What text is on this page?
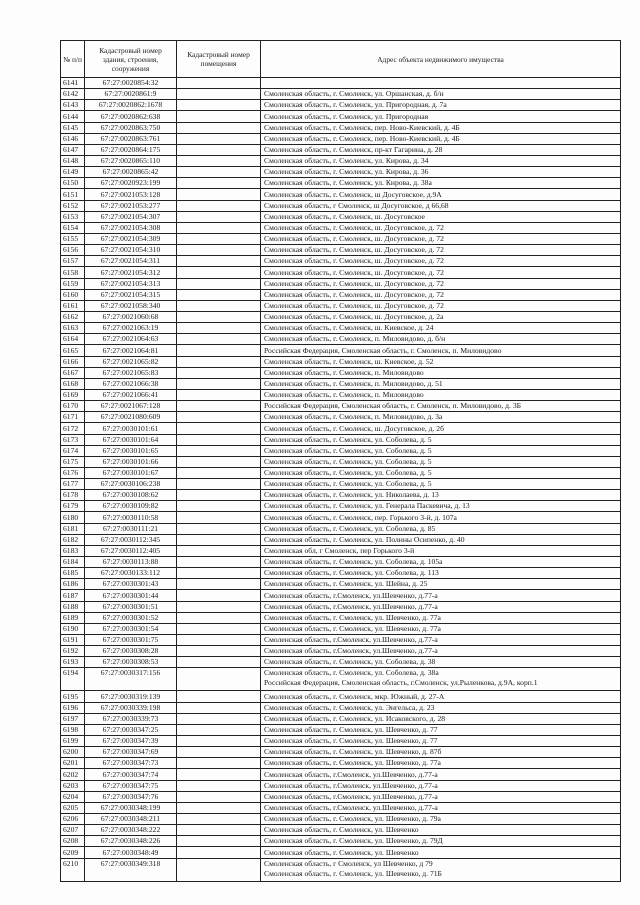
№ п/п	Кадастровый номер здания, строения, сооружения	Кадастровый номер помещения	Адрес объекта недвижимого имущества
6141	67:27:0020854:32		

6142	67:27:0020861:9		Смоленская область, г. Смоленск, ул. Оршанская, д. б/н

6143	67:27:0020862:1678		Смоленская область, г. Смоленск, ул. Пригородная, д. 7а

6144	67:27:0020862:638		Смоленская область, г. Смоленск, ул. Пригородная

6145	67:27:0020863:750		Смоленская область, г. Смоленск, пер. Ново-Киевский, д. 4Б

6146	67:27:0020863:761		Смоленская область, г. Смоленск, пер. Ново-Киевский, д. 4Б

6147	67:27:0020864:175		Смоленская область, г. Смоленск, пр-кт Гагарина, д. 28

6148	67:27:0020865:110		Смоленская область, г. Смоленск, ул. Кирова, д. 34

6149	67:27:0020865:42		Смоленская область, г. Смоленск, ул. Кирова, д. 36

6150	67:27:0020923:199		Смоленская область, г. Смоленск, ул. Кирова, д. 38а

6151	67:27:0021053:128		Смоленская область, г. Смоленск, ш Досуговское, д.9А

6152	67:27:0021053:277		Смоленская область, г Смоленск, ш Досуговское, д 66,68

6153	67:27:0021054:307		Смоленская область, г. Смоленск, ш. Досуговское

6154	67:27:0021054:308		Смоленская область, г. Смоленск, ш. Досуговское, д. 72

6155	67:27:0021054:309		Смоленская область, г. Смоленск, ш. Досуговское, д. 72

6156	67:27:0021054:310		Смоленская область, г. Смоленск, ш. Досуговское, д. 72

6157	67:27:0021054:311		Смоленская область, г. Смоленск, ш. Досуговское, д. 72

6158	67:27:0021054:312		Смоленская область, г. Смоленск, ш. Досуговское, д. 72

6159	67:27:0021054:313		Смоленская область, г. Смоленск, ш. Досуговское, д. 72

6160	67:27:0021054:315		Смоленская область, г. Смоленск, ш. Досуговское, д. 72

6161	67:27:0021058:340		Смоленская область, г. Смоленск, ш. Досуговское, д. 72

6162	67:27:0021060:68		Смоленская область, г. Смоленск, ш. Досуговское, д. 2а

6163	67:27:0021063:19		Смоленская область, г. Смоленск, ш. Киевское, д. 24

6164	67:27:0021064:63		Смоленская область, г. Смоленск, п. Миловидово, д. б/н

6165	67:27:0021064:81		Российская Федерация, Смоленская область, г. Смоленск, п. Миловидово

6166	67:27:0021065:82		Смоленская область, г. Смоленск, ш. Киевское, д. 52

6167	67:27:0021065:83		Смоленская область, г. Смоленск, п. Миловидово

6168	67:27:0021066:38		Смоленская область, г. Смоленск, п. Миловидово, д. 51

6169	67:27:0021066:41		Смоленская область, г. Смоленск, п. Миловидово

6170	67:27:0021067:128		Российская Федерация, Смоленская область, г. Смоленск, п. Миловидово, д. 3Б

6171	67:27:0021080:609		Смоленская область, г. Смоленск, п. Миловидово, д. 3а

6172	67:27:0030101:61		Смоленская область, г. Смоленск, ш. Досуговское, д. 2б

6173	67:27:0030101:64		Смоленская область, г. Смоленск, ул. Соболева, д. 5

6174	67:27:0030101:65		Смоленская область, г. Смоленск, ул. Соболева, д. 5

6175	67:27:0030101:66		Смоленская область, г. Смоленск, ул. Соболева, д. 5

6176	67:27:0030101:67		Смоленская область, г. Смоленск, ул. Соболева, д. 5

6177	67:27:0030106:238		Смоленская область, г. Смоленск, ул. Соболева, д. 5

6178	67:27:0030108:62		Смоленская область, г. Смоленск, ул. Николаева, д. 13

6179	67:27:0030109:82		Смоленская область, г. Смоленск, ул. Генерала Паскевича, д. 13

6180	67:27:0030110:58		Смоленская область, г. Смоленск, пер. Горького 3-й, д. 107а

6181	67:27:0030111:21		Смоленская область, г. Смоленск, ул. Соболева, д. 85

6182	67:27:0030112:345		Смоленская область, г. Смоленск, ул. Полины Осипенко, д. 40

6183	67:27:0030112:405		Смоленская обл, г Смоленск, пер Горького 3-й

6184	67:27:0030113:88		Смоленская область, г. Смоленск, ул. Соболева, д. 105а

6185	67:27:0030133:112		Смоленская область, г. Смоленск, ул. Соболева, д. 113

6186	67:27:0030301:43		Смоленская область, г. Смоленск, ул. Шейна, д. 25

6187	67:27:0030301:44		Смоленская область, г.Смоленск, ул.Шевченко, д.77-а

6188	67:27:0030301:51		Смоленская область, г.Смоленск, ул.Шевченко, д.77-а

6189	67:27:0030301:52		Смоленская область, г. Смоленск, ул. Шевченко, д. 77а

6190	67:27:0030301:54		Смоленская область, г. Смоленск, ул. Шевченко, д. 77а

6191	67:27:0030301:75		Смоленская область, г.Смоленск, ул.Шевченко, д.77-а

6192	67:27:0030308:28		Смоленская область, г.Смоленск, ул.Шевченко, д.77-а

6193	67:27:0030308:53		Смоленская область, г. Смоленск, ул. Соболева, д. 38

6194	67:27:0030317:156		Смоленская область, г. Смоленск, ул. Соболева, д. 38а
Российская Федерация, Смоленская область, г.Смоленск, ул.Рыленкова, д.9А, корп.1

6195	67:27:0030319:139		Смоленская область, г. Смоленск, мкр. Южный, д. 27-А

6196	67:27:0030339:198		Смоленская область, г. Смоленск, ул. Энгельса, д. 23

6197	67:27:0030339:73		Смоленская область, г. Смоленск, ул. Исаковского, д. 28

6198	67:27:0030347:25		Смоленская область, г. Смоленск, ул. Шевченко, д. 77

6199	67:27:0030347:39		Смоленская область, г. Смоленск, ул. Шевченко, д. 77

6200	67:27:0030347:69		Смоленская область, г. Смоленск, ул. Шевченко, д. 87б

6201	67:27:0030347:73		Смоленская область, г. Смоленск, ул. Шевченко, д. 77а

6202	67:27:0030347:74		Смоленская область, г.Смоленск, ул.Шевченко, д.77-а

6203	67:27:0030347:75		Смоленская область, г.Смоленск, ул.Шевченко, д.77-а

6204	67:27:0030347:76		Смоленская область, г.Смоленск, ул.Шевченко, д.77-а

6205	67:27:0030348:199		Смоленская область, г.Смоленск, ул.Шевченко, д.77-а

6206	67:27:0030348:211		Смоленская область, г. Смоленск, ул. Шевченко, д. 79а

6207	67:27:0030348:222		Смоленская область, г. Смоленск, ул. Шевченко

6208	67:27:0030348:226		Смоленская область, г. Смоленск, ул. Шевченко, д. 79Д

6209	67:27:0030348:49		Смоленская область, г. Смоленск, ул. Шевченко

6210	67:27:0030349:318		Смоленская область, г Смоленск, ул Шевченко, д 79
Смоленская область, г. Смоленск, ул. Шевченко, д. 71Б
